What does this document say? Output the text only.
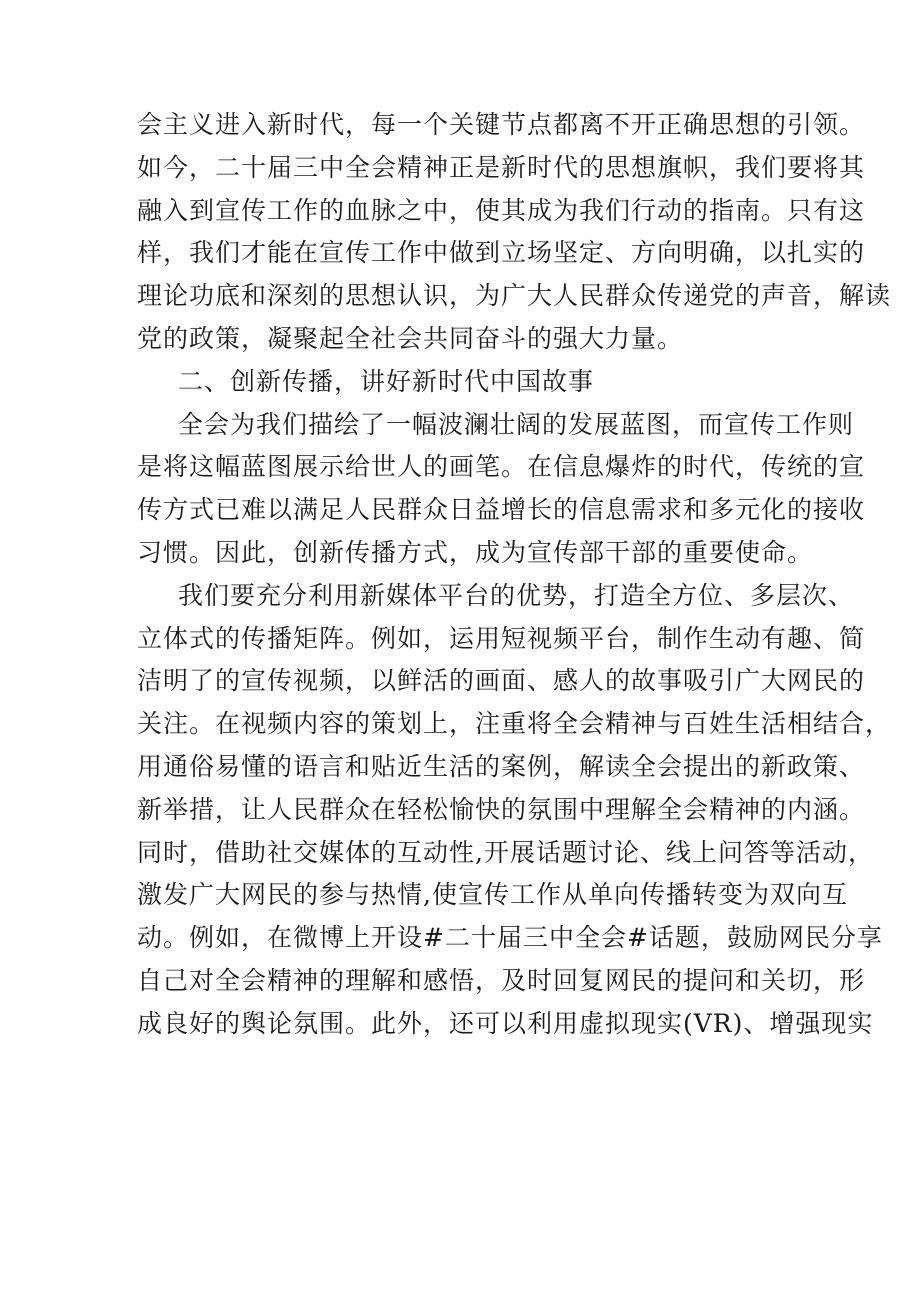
会主义进入新时代，每一个关键节点都离不开正确思想的引领。
如今，二十届三中全会精神正是新时代的思想旗帜，我们要将其
融入到宣传工作的血脉之中，使其成为我们行动的指南。只有这
样，我们才能在宣传工作中做到立场坚定、方向明确，以扎实的
理论功底和深刻的思想认识，为广大人民群众传递党的声音，解读
党的政策，凝聚起全社会共同奋斗的强大力量。
二、创新传播，讲好新时代中国故事
全会为我们描绘了一幅波澜壮阔的发展蓝图，而宣传工作则
是将这幅蓝图展示给世人的画笔。在信息爆炸的时代，传统的宣
传方式已难以满足人民群众日益增长的信息需求和多元化的接收
习惯。因此，创新传播方式，成为宣传部干部的重要使命。
我们要充分利用新媒体平台的优势，打造全方位、多层次、
立体式的传播矩阵。例如，运用短视频平台，制作生动有趣、简
洁明了的宣传视频，以鲜活的画面、感人的故事吸引广大网民的
关注。在视频内容的策划上，注重将全会精神与百姓生活相结合，
用通俗易懂的语言和贴近生活的案例，解读全会提出的新政策、
新举措，让人民群众在轻松愉快的氛围中理解全会精神的内涵。
同时，借助社交媒体的互动性,开展话题讨论、线上问答等活动，
激发广大网民的参与热情,使宣传工作从单向传播转变为双向互
动。例如，在微博上开设#二十届三中全会#话题，鼓励网民分享
自己对全会精神的理解和感悟，及时回复网民的提问和关切，形
成良好的舆论氛围。此外，还可以利用虚拟现实(VR)、增强现实
